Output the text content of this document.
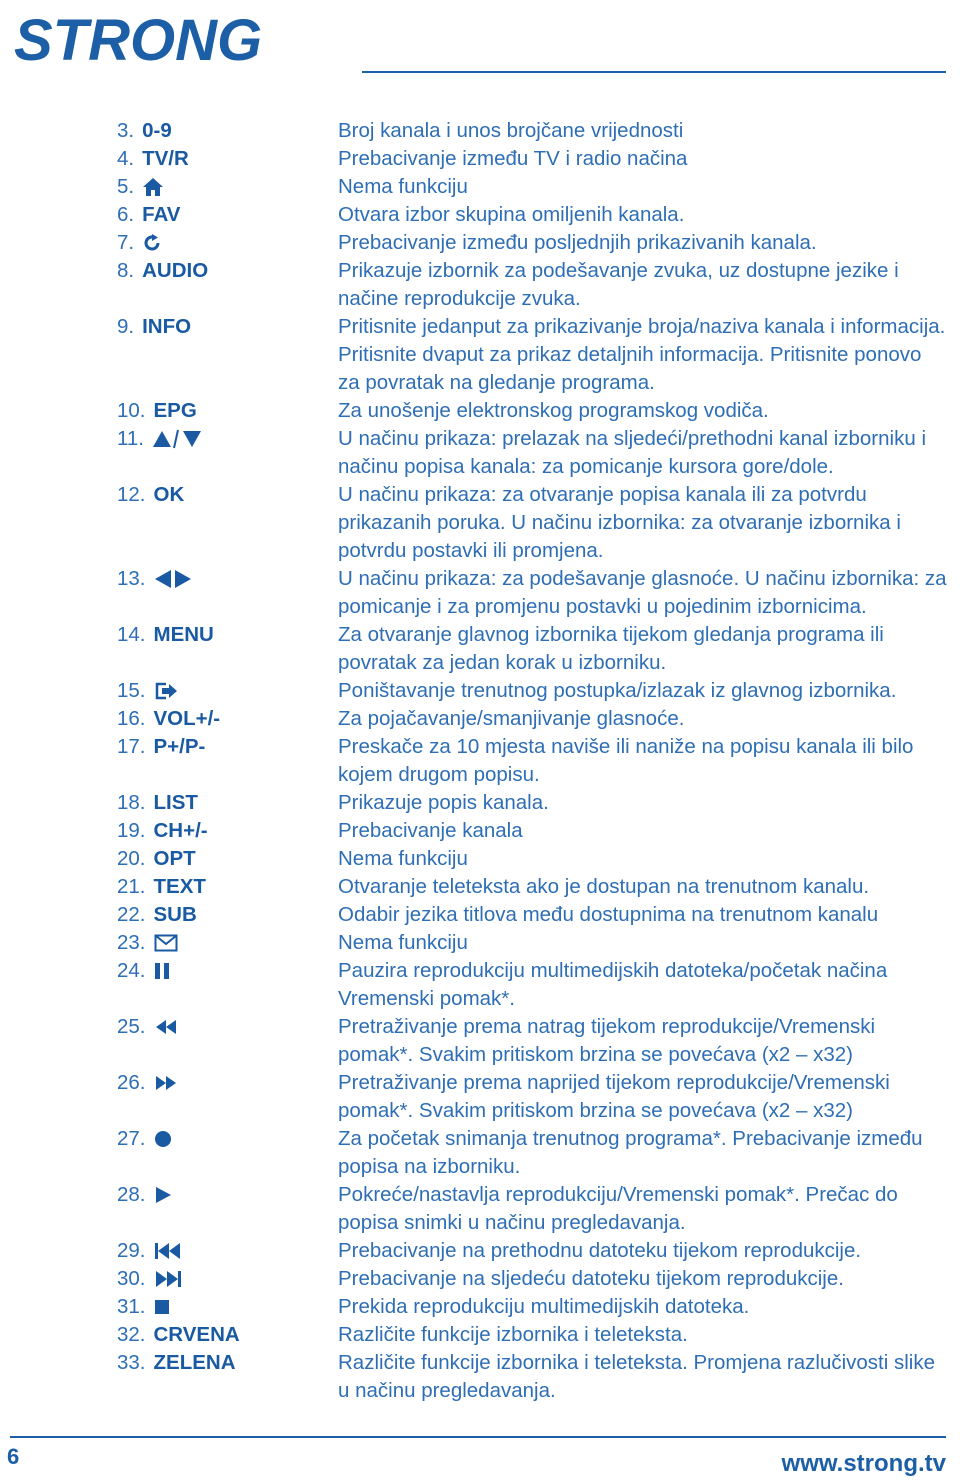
STRONG
3. 0-9	Broj kanala i unos brojčane vrijednosti
4. TV/R	Prebacivanje između TV i radio načina
5.	Nema funkciju
6. FAV	Otvara izbor skupina omiljenih kanala.
7.	Prebacivanje između posljednjih prikazivanih kanala.
8. AUDIO	Prikazuje izbornik za podešavanje zvuka, uz dostupne jezike i načine reprodukcije zvuka.
9. INFO	Pritisnite jedanput za prikazivanje broja/naziva kanala i informacija. Pritisnite dvaput za prikaz detaljnih informacija. Pritisnite ponovo za povratak na gledanje programa.
10. EPG	Za unošenje elektronskog programskog vodiča.
11.	U načinu prikaza: prelazak na sljedeći/prethodni kanal izborniku i načinu popisa kanala: za pomicanje kursora gore/dole.
12. OK	U načinu prikaza: za otvaranje popisa kanala ili za potvrdu prikazanih poruka. U načinu izbornika: za otvaranje izbornika i potvrdu postavki ili promjena.
13.	U načinu prikaza: za podešavanje glasnoće. U načinu izbornika: za pomicanje i za promjenu postavki u pojedinim izbornicima.
14. MENU	Za otvaranje glavnog izbornika tijekom gledanja programa ili povratak za jedan korak u izborniku.
15.	Poništavanje trenutnog postupka/izlazak iz glavnog izbornika.
16. VOL+/-	Za pojačavanje/smanjivanje glasnoće.
17. P+/P-	Preskače za 10 mjesta naviše ili naniže na popisu kanala ili bilo kojem drugom popisu.
18. LIST	Prikazuje popis kanala.
19. CH+/-	Prebacivanje kanala
20. OPT	Nema funkciju
21. TEXT	Otvaranje teleteksta ako je dostupan na trenutnom kanalu.
22. SUB	Odabir jezika titlova među dostupnima na trenutnom kanalu
23.	Nema funkciju
24.	Pauzira reprodukciju multimedijskih datoteka/početak načina Vremenski pomak*.
25.	Pretraživanje prema natrag tijekom reprodukcije/Vremenski pomak*. Svakim pritiskom brzina se povećava (x2 – x32)
26.	Pretraživanje prema naprijed tijekom reprodukcije/Vremenski pomak*. Svakim pritiskom brzina se povećava (x2 – x32)
27.	Za početak snimanja trenutnog programa*. Prebacivanje između popisa na izborniku.
28.	Pokreće/nastavlja reprodukciju/Vremenski pomak*. Prečac do popisa snimki u načinu pregledavanja.
29.	Prebacivanje na prethodnu datoteku tijekom reprodukcije.
30.	Prebacivanje na sljedeću datoteku tijekom reprodukcije.
31.	Prekida reprodukciju multimedijskih datoteka.
32. CRVENA	Različite funkcije izbornika i teleteksta.
33. ZELENA	Različite funkcije izbornika i teleteksta. Promjena razlučivosti slike u načinu pregledavanja.
6	www.strong.tv
